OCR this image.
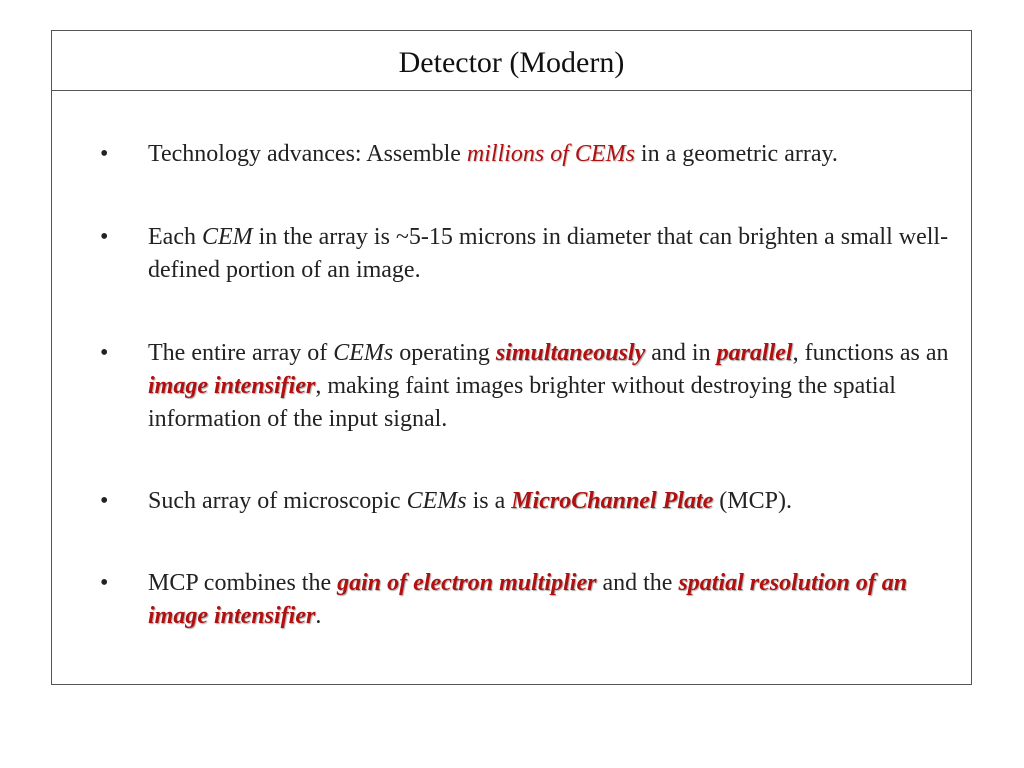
Detector (Modern)
•	Technology advances: Assemble millions of CEMs in a geometric array.
•	Each CEM in the array is ~5-15 microns in diameter that can brighten a small well-defined portion of an image.
•	The entire array of CEMs operating simultaneously and in parallel, functions as an image intensifier, making faint images brighter without destroying the spatial information of the input signal.
•	Such array of microscopic CEMs is a MicroChannel Plate (MCP).
•	MCP combines the gain of electron multiplier and the spatial resolution of an image intensifier.
